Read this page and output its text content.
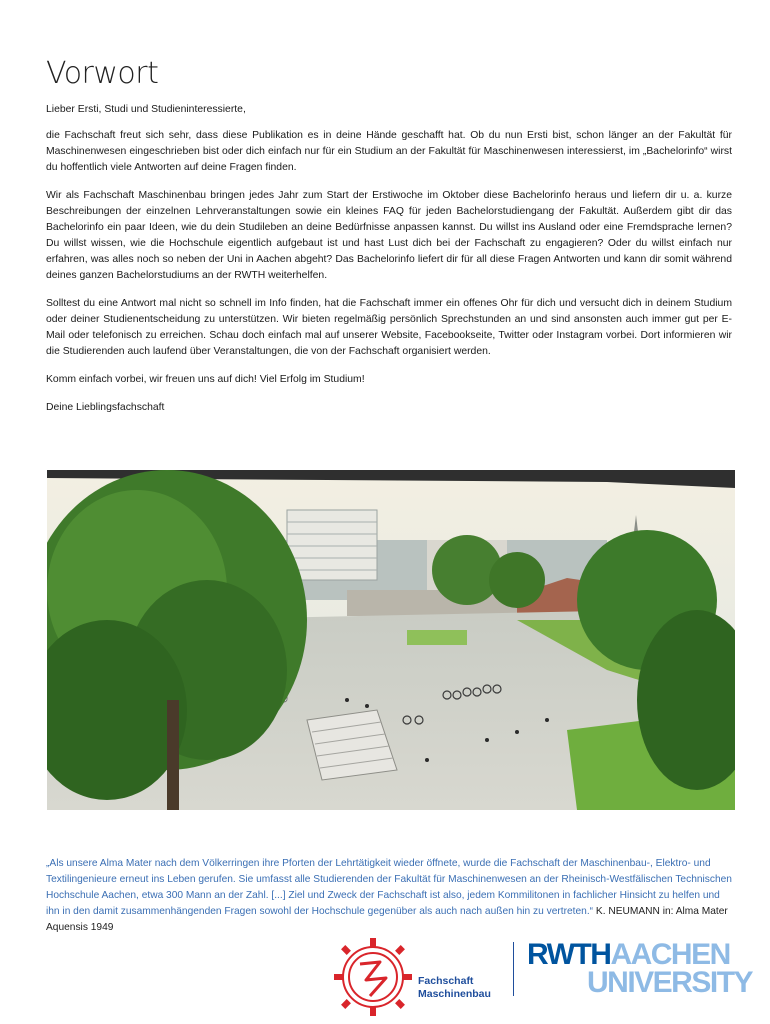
Vorwort

Lieber Ersti, Studi und Studieninteressierte,

die Fachschaft freut sich sehr, dass diese Publikation es in deine Hände geschafft hat. Ob du nun Ersti bist, schon länger an der Fakultät für Maschinenwesen eingeschrieben bist oder dich einfach nur für ein Studium an der Fakultät für Maschinenwesen interessierst, im „Bachelorinfo“ wirst du hoffentlich viele Antworten auf deine Fragen finden.

Wir als Fachschaft Maschinenbau bringen jedes Jahr zum Start der Erstiwoche im Oktober diese Bachelorinfo heraus und liefern dir u. a. kurze Beschreibungen der einzelnen Lehrveranstaltungen sowie ein kleines FAQ für jeden Bachelorstudiengang der Fakultät. Außerdem gibt dir das Bachelorinfo ein paar Ideen, wie du dein Studileben an deine Bedürfnisse anpassen kannst. Du willst ins Ausland oder eine Fremdsprache lernen? Du willst wissen, wie die Hochschule eigentlich aufgebaut ist und hast Lust dich bei der Fachschaft zu engagieren? Oder du willst einfach nur erfahren, was alles noch so neben der Uni in Aachen abgeht? Das Bachelorinfo liefert dir für all diese Fragen Antworten und kann dir somit während deines ganzen Bachelorstudiums an der RWTH weiterhelfen.

Solltest du eine Antwort mal nicht so schnell im Info finden, hat die Fachschaft immer ein offenes Ohr für dich und versucht dich in deinem Studium oder deiner Studienentscheidung zu unterstützen. Wir bieten regelmäßig persönlich Sprechstunden an und sind ansonsten auch immer gut per E-Mail oder telefonisch zu erreichen. Schau doch einfach mal auf unserer Website, Facebookseite, Twitter oder Instagram vorbei. Dort informieren wir die Studierenden auch laufend über Veranstaltungen, die von der Fachschaft organisiert werden.

Komm einfach vorbei, wir freuen uns auf dich! Viel Erfolg im Studium!

Deine Lieblingsfachschaft

„Als unsere Alma Mater nach dem Völkerringen ihre Pforten der Lehrtätigkeit wieder öffnete, wurde die Fachschaft der Maschinenbau-, Elektro- und Textilingenieure erneut ins Leben gerufen. Sie umfasst alle Studierenden der Fakultät für Maschinenwesen an der Rheinisch-Westfälischen Technischen Hochschule Aachen, etwa 300 Mann an der Zahl. [...] Ziel und Zweck der Fachschaft ist also, jedem Kommilitonen in fachlicher Hinsicht zu helfen und ihn in den damit zusammenhängenden Fragen sowohl der Hochschule gegenüber als auch nach außen hin zu vertreten.“ K. NEUMANN in: Alma Mater Aquensis 1949
Fachschaft
Maschinenbau
RWTHAACHEN
UNIVERSITY
